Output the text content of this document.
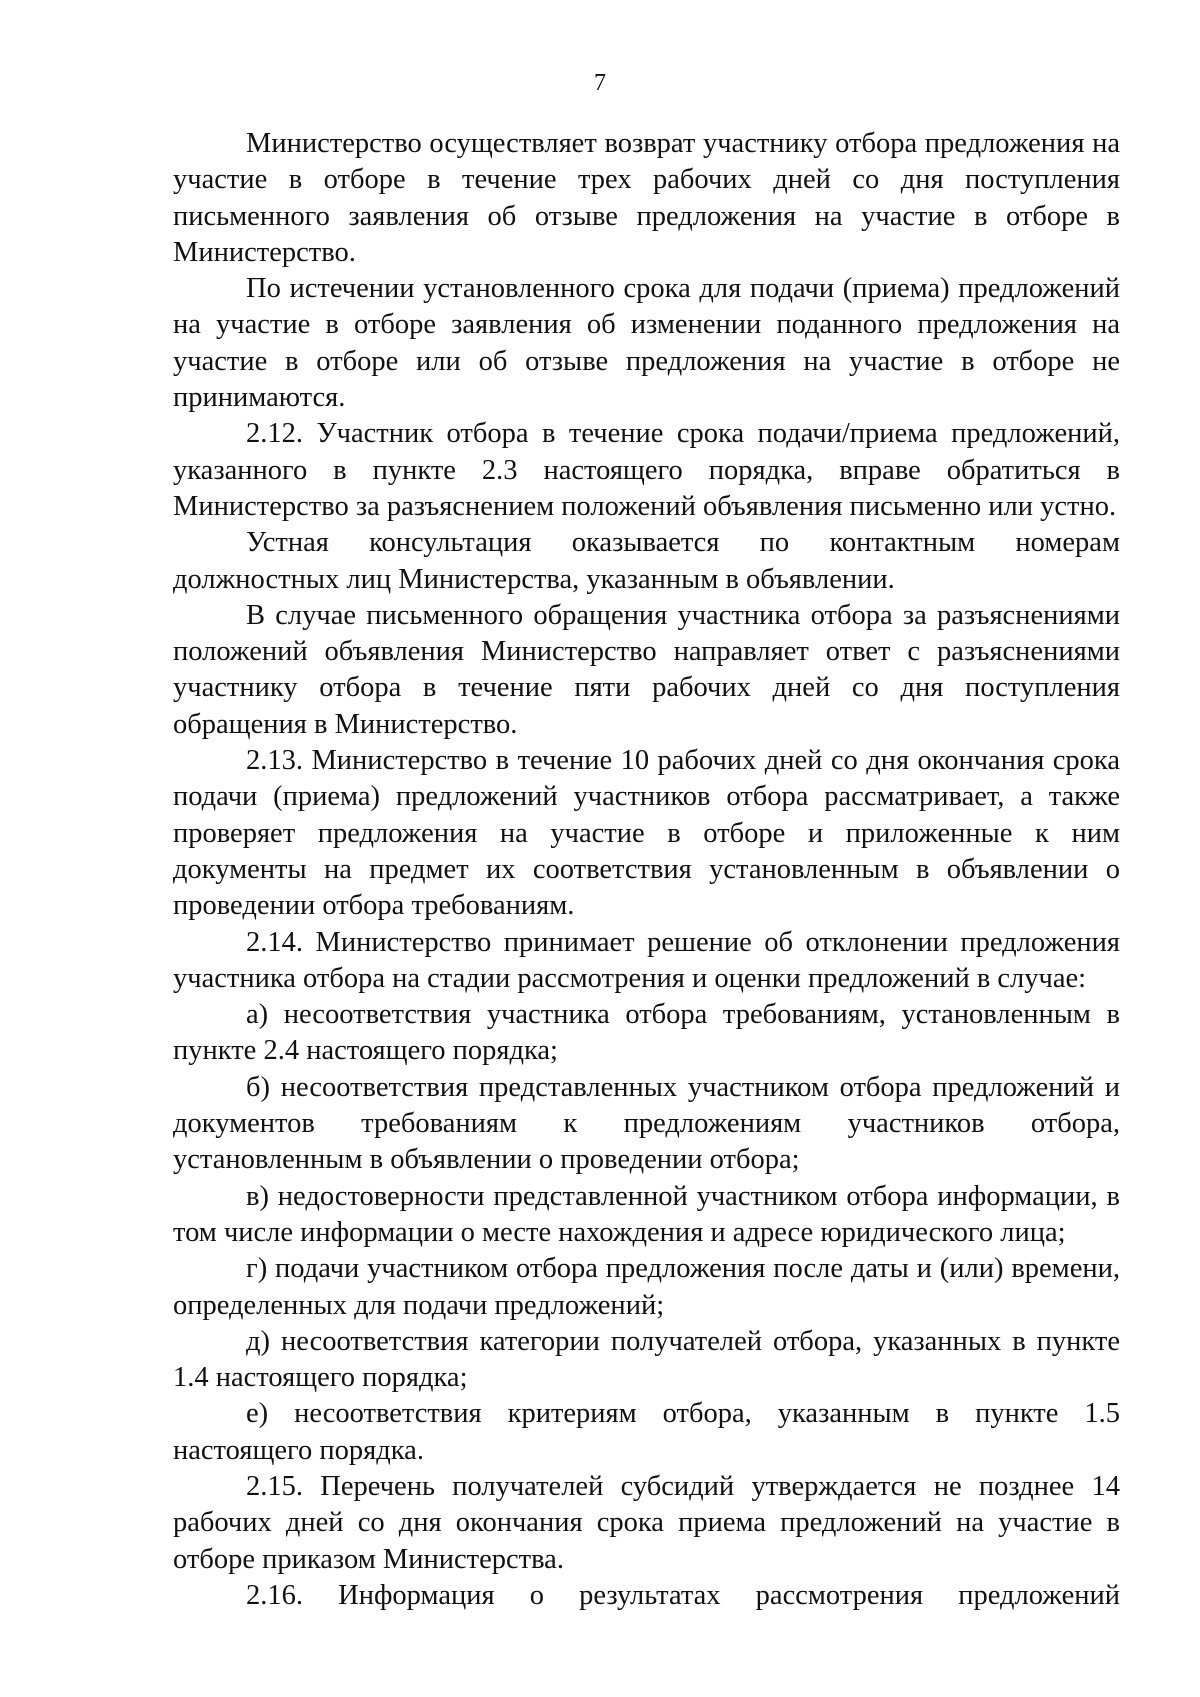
7

Министерство осуществляет возврат участнику отбора предложения на участие в отборе в течение трех рабочих дней со дня поступления письменного заявления об отзыве предложения на участие в отборе в Министерство.

По истечении установленного срока для подачи (приема) предложений на участие в отборе заявления об изменении поданного предложения на участие в отборе или об отзыве предложения на участие в отборе не принимаются.

2.12. Участник отбора в течение срока подачи/приема предложений, указанного в пункте 2.3 настоящего порядка, вправе обратиться в Министерство за разъяснением положений объявления письменно или устно.

Устная консультация оказывается по контактным номерам должностных лиц Министерства, указанным в объявлении.

В случае письменного обращения участника отбора за разъяснениями положений объявления Министерство направляет ответ с разъяснениями участнику отбора в течение пяти рабочих дней со дня поступления обращения в Министерство.

2.13. Министерство в течение 10 рабочих дней со дня окончания срока подачи (приема) предложений участников отбора рассматривает, а также проверяет предложения на участие в отборе и приложенные к ним документы на предмет их соответствия установленным в объявлении о проведении отбора требованиям.

2.14. Министерство принимает решение об отклонении предложения участника отбора на стадии рассмотрения и оценки предложений в случае:

а) несоответствия участника отбора требованиям, установленным в пункте 2.4 настоящего порядка;

б) несоответствия представленных участником отбора предложений и документов требованиям к предложениям участников отбора, установленным в объявлении о проведении отбора;

в) недостоверности представленной участником отбора информации, в том числе информации о месте нахождения и адресе юридического лица;

г) подачи участником отбора предложения после даты и (или) времени, определенных для подачи предложений;

д) несоответствия категории получателей отбора, указанных в пункте 1.4 настоящего порядка;

е) несоответствия критериям отбора, указанным в пункте 1.5 настоящего порядка.

2.15. Перечень получателей субсидий утверждается не позднее 14 рабочих дней со дня окончания срока приема предложений на участие в отборе приказом Министерства.

2.16. Информация о результатах рассмотрения предложений
